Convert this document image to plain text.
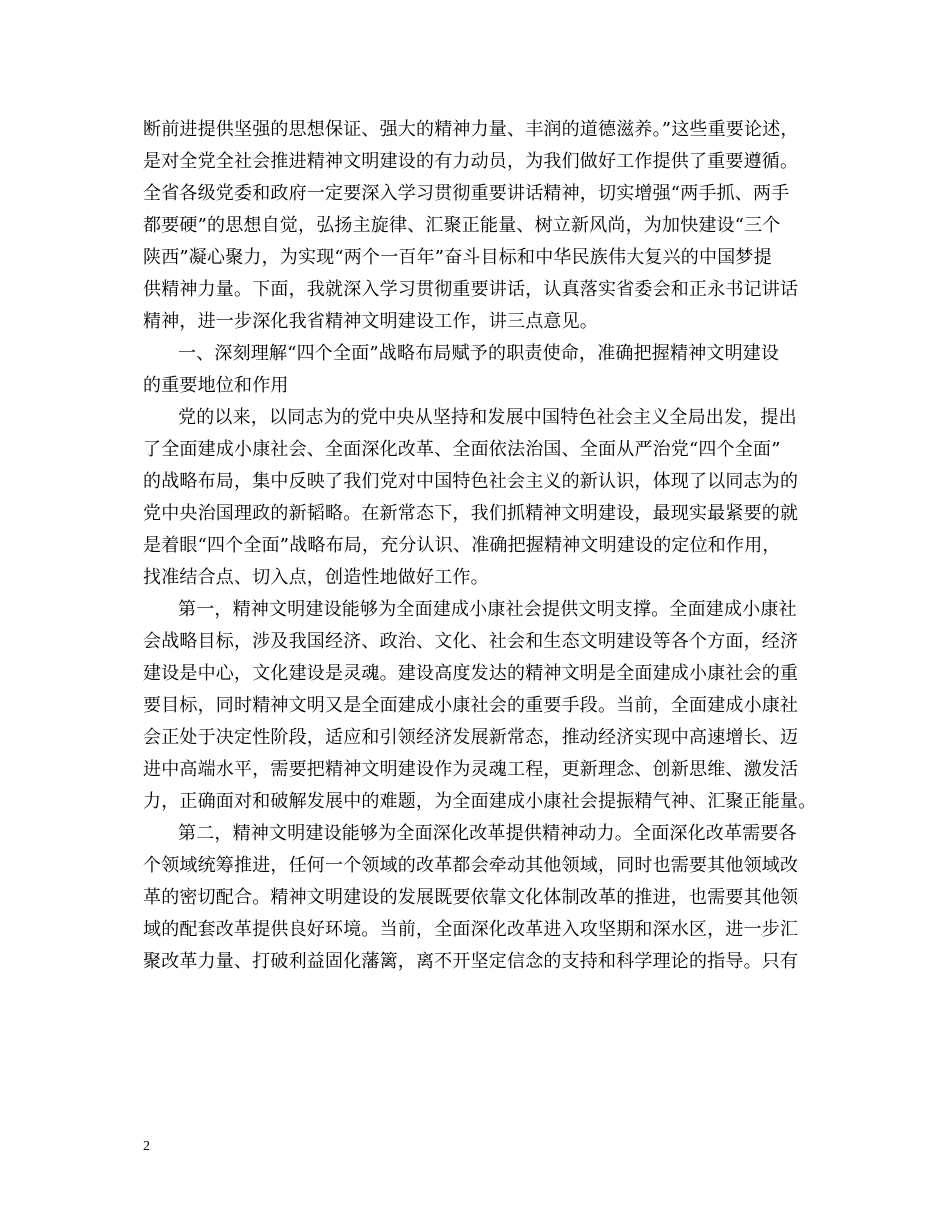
断前进提供坚强的思想保证、强大的精神力量、丰润的道德滋养。”这些重要论述，
是对全党全社会推进精神文明建设的有力动员，为我们做好工作提供了重要遵循。
全省各级党委和政府一定要深入学习贯彻重要讲话精神，切实增强“两手抓、两手
都要硬”的思想自觉，弘扬主旋律、汇聚正能量、树立新风尚，为加快建设“三个
陕西”凝心聚力，为实现“两个一百年”奋斗目标和中华民族伟大复兴的中国梦提
供精神力量。下面，我就深入学习贯彻重要讲话，认真落实省委会和正永书记讲话
精神，进一步深化我省精神文明建设工作，讲三点意见。
一、深刻理解“四个全面”战略布局赋予的职责使命，准确把握精神文明建设
的重要地位和作用
党的以来，以同志为的党中央从坚持和发展中国特色社会主义全局出发，提出
了全面建成小康社会、全面深化改革、全面依法治国、全面从严治党“四个全面”
的战略布局，集中反映了我们党对中国特色社会主义的新认识，体现了以同志为的
党中央治国理政的新韬略。在新常态下，我们抓精神文明建设，最现实最紧要的就
是着眼“四个全面”战略布局，充分认识、准确把握精神文明建设的定位和作用，
找准结合点、切入点，创造性地做好工作。
第一，精神文明建设能够为全面建成小康社会提供文明支撑。全面建成小康社
会战略目标，涉及我国经济、政治、文化、社会和生态文明建设等各个方面，经济
建设是中心，文化建设是灵魂。建设高度发达的精神文明是全面建成小康社会的重
要目标，同时精神文明又是全面建成小康社会的重要手段。当前，全面建成小康社
会正处于决定性阶段，适应和引领经济发展新常态，推动经济实现中高速增长、迈
进中高端水平，需要把精神文明建设作为灵魂工程，更新理念、创新思维、激发活
力，正确面对和破解发展中的难题，为全面建成小康社会提振精气神、汇聚正能量。
第二，精神文明建设能够为全面深化改革提供精神动力。全面深化改革需要各
个领域统筹推进，任何一个领域的改革都会牵动其他领域，同时也需要其他领域改
革的密切配合。精神文明建设的发展既要依靠文化体制改革的推进，也需要其他领
域的配套改革提供良好环境。当前，全面深化改革进入攻坚期和深水区，进一步汇
聚改革力量、打破利益固化藩篱，离不开坚定信念的支持和科学理论的指导。只有
2
